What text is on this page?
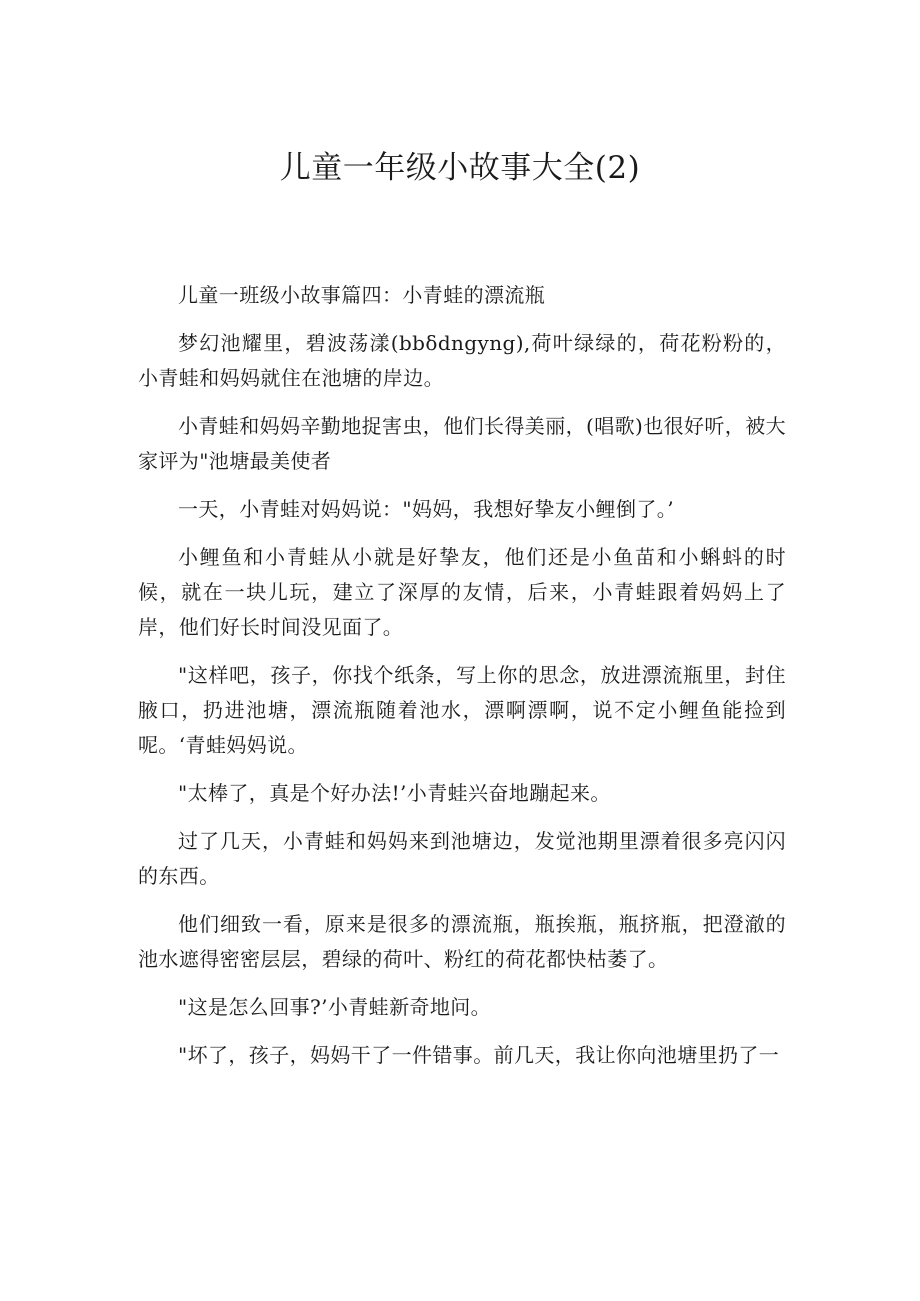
儿童一年级小故事大全(2)

儿童一班级小故事篇四：小青蛙的漂流瓶

梦幻池耀里，碧波荡漾(bbδdngyng),荷叶绿绿的，荷花粉粉的，小青蛙和妈妈就住在池塘的岸边。

小青蛙和妈妈辛勤地捉害虫，他们长得美丽，(唱歌)也很好听，被大家评为"池塘最美使者

一天，小青蛙对妈妈说："妈妈，我想好挚友小鲤倒了。’

小鲤鱼和小青蛙从小就是好挚友，他们还是小鱼苗和小蝌蚪的时候，就在一块儿玩，建立了深厚的友情，后来，小青蛙跟着妈妈上了岸，他们好长时间没见面了。

"这样吧，孩子，你找个纸条，写上你的思念，放进漂流瓶里，封住腋口，扔进池塘，漂流瓶随着池水，漂啊漂啊，说不定小鲤鱼能捡到呢。‘青蛙妈妈说。

"太棒了，真是个好办法!’小青蛙兴奋地蹦起来。

过了几天，小青蛙和妈妈来到池塘边，发觉池期里漂着很多亮闪闪的东西。

他们细致一看，原来是很多的漂流瓶，瓶挨瓶，瓶挤瓶，把澄澈的池水遮得密密层层，碧绿的荷叶、粉红的荷花都快枯萎了。

"这是怎么回事?’小青蛙新奇地问。

"坏了，孩子，妈妈干了一件错事。前几天，我让你向池塘里扔了一
